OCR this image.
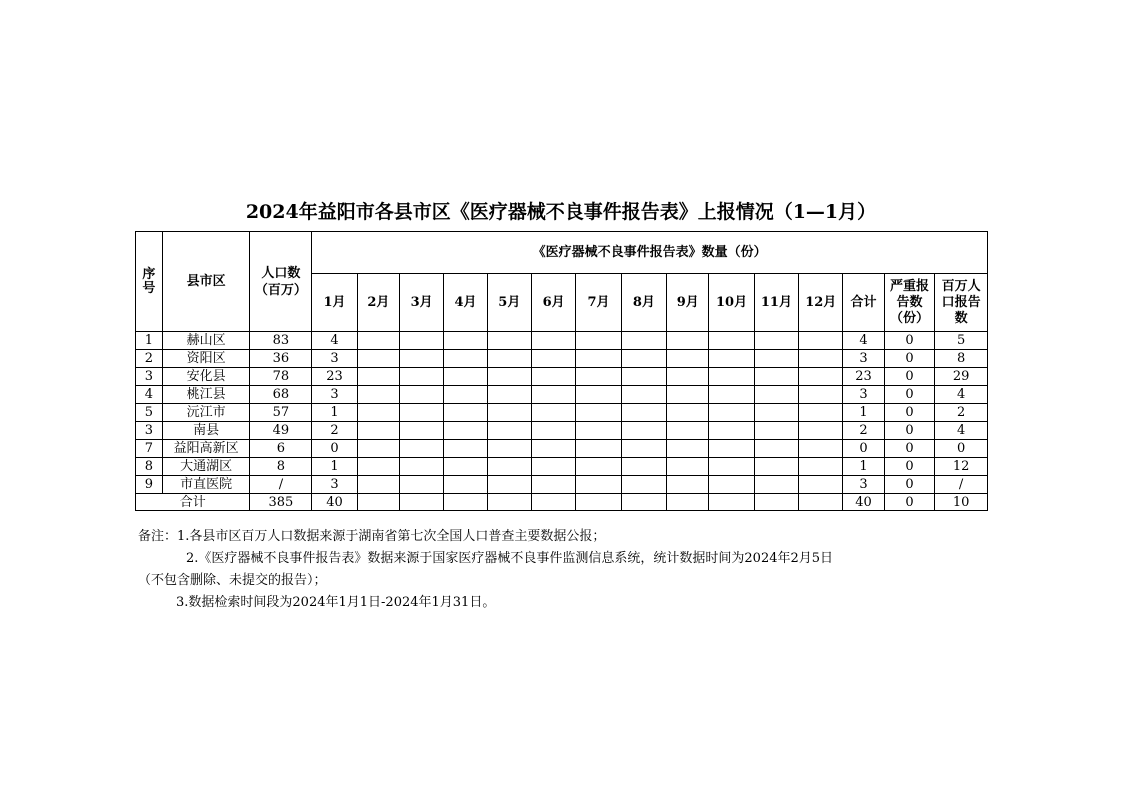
2024年益阳市各县市区《医疗器械不良事件报告表》上报情况（1—1月）
序号	县市区	人口数（百万）	《医疗器械不良事件报告表》数量（份）														
			1月	2月	3月	4月	5月	6月	7月	8月	9月	10月	11月	12月	合计	严重报告数（份）	百万人口报告数
1	赫山区	83	4												4	0	5
2	资阳区	36	3												3	0	8
3	安化县	78	23												23	0	29
4	桃江县	68	3												3	0	4
5	沅江市	57	1												1	0	2
3	南县	49	2												2	0	4
7	益阳高新区	6	0												0	0	0
8	大通湖区	8	1												1	0	12
9	市直医院	/	3												3	0	/
合计		385	40												40	0	10
备注：1.各县市区百万人口数据来源于湖南省第七次全国人口普查主要数据公报；
2.《医疗器械不良事件报告表》数据来源于国家医疗器械不良事件监测信息系统，统计数据时间为2024年2月5日
（不包含删除、未提交的报告）；
3.数据检索时间段为2024年1月1日-2024年1月31日。
